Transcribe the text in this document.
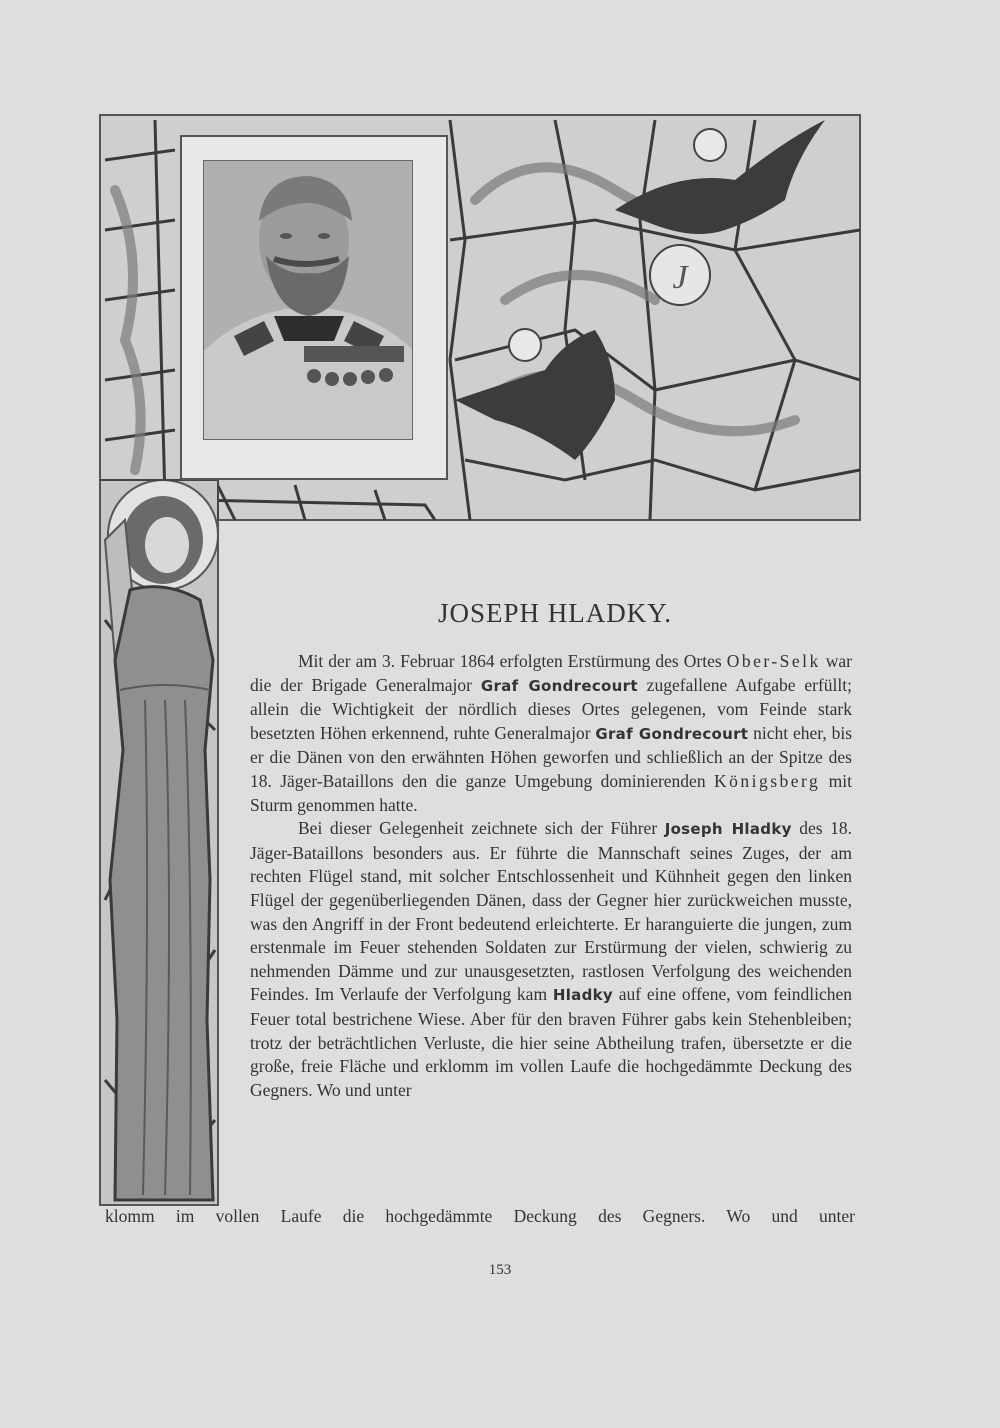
J
JOSEPH HLADKY.

Mit der am 3. Februar 1864 erfolgten Erstürmung des Ortes Ober-Selk war die der Brigade Generalmajor Graf Gondrecourt zugefallene Aufgabe erfüllt; allein die Wichtigkeit der nördlich dieses Ortes gelegenen, vom Feinde stark besetzten Höhen erkennend, ruhte Generalmajor Graf Gondrecourt nicht eher, bis er die Dänen von den erwähnten Höhen geworfen und schließlich an der Spitze des 18. Jäger-Bataillons den die ganze Umgebung dominierenden Königsberg mit Sturm genommen hatte.

Bei dieser Gelegenheit zeichnete sich der Führer Joseph Hladky des 18. Jäger-Bataillons besonders aus. Er führte die Mannschaft seines Zuges, der am rechten Flügel stand, mit solcher Entschlossenheit und Kühnheit gegen den linken Flügel der gegenüberliegenden Dänen, dass der Gegner hier zurückweichen musste, was den Angriff in der Front bedeutend erleichterte. Er haranguierte die jungen, zum erstenmale im Feuer stehenden Soldaten zur Erstürmung der vielen, schwierig zu nehmenden Dämme und zur unausgesetzten, rastlosen Verfolgung des weichenden Feindes. Im Verlaufe der Verfolgung kam Hladky auf eine offene, vom feindlichen Feuer total bestrichene Wiese. Aber für den braven Führer gabs kein Stehenbleiben; trotz der beträchtlichen Verluste, die hier seine Abtheilung trafen, übersetzte er die große, freie Fläche und erklomm im vollen Laufe die hochgedämmte Deckung des Gegners. Wo und unter

klomm im vollen Laufe die hochgedämmte Deckung des Gegners. Wo und unter
153
